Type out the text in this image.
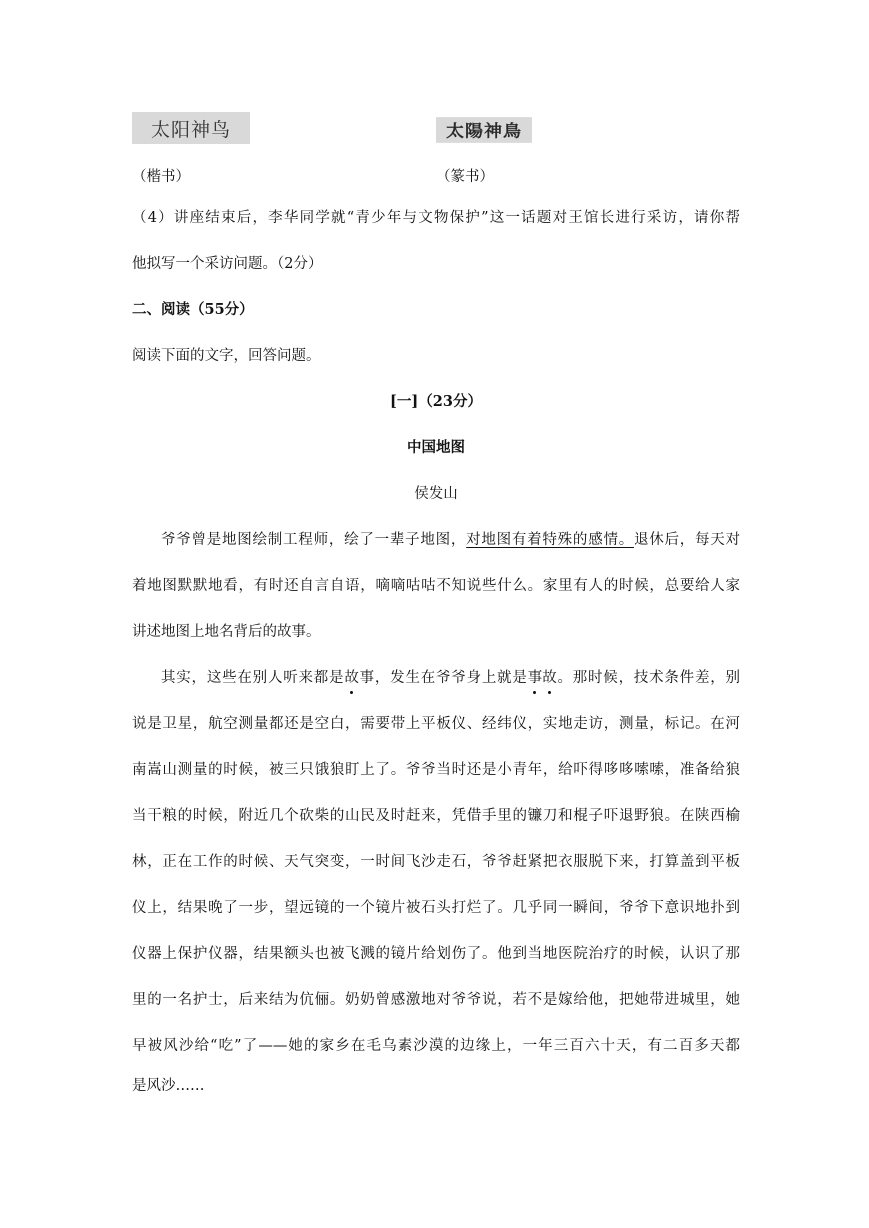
太阳神鸟	太陽神鳥
（楷书）	（篆书）
（4）讲座结束后，李华同学就“青少年与文物保护”这一话题对王馆长进行采访，请你帮
他拟写一个采访问题。（2分）
二、阅读（55分）
阅读下面的文字，回答问题。
[一]（23分）
中国地图
侯发山
爷爷曾是地图绘制工程师，绘了一辈子地图，对地图有着特殊的感情。退休后，每天对
着地图默默地看，有时还自言自语，嘀嘀咕咕不知说些什么。家里有人的时候，总要给人家
讲述地图上地名背后的故事。
其实，这些在别人听来都是故事，发生在爷爷身上就是事故。那时候，技术条件差，别
说是卫星，航空测量都还是空白，需要带上平板仪、经纬仪，实地走访，测量，标记。在河
南嵩山测量的时候，被三只饿狼盯上了。爷爷当时还是小青年，给吓得哆哆嗦嗦，准备给狼
当干粮的时候，附近几个砍柴的山民及时赶来，凭借手里的镰刀和棍子吓退野狼。在陕西榆
林，正在工作的时候、天气突变，一时间飞沙走石，爷爷赶紧把衣服脱下来，打算盖到平板
仪上，结果晚了一步，望远镜的一个镜片被石头打烂了。几乎同一瞬间，爷爷下意识地扑到
仪器上保护仪器，结果额头也被飞溅的镜片给划伤了。他到当地医院治疗的时候，认识了那
里的一名护士，后来结为伉俪。奶奶曾感激地对爷爷说，若不是嫁给他，把她带进城里，她
早被风沙给“吃”了——她的家乡在毛乌素沙漠的边缘上，一年三百六十天，有二百多天都
是风沙……
